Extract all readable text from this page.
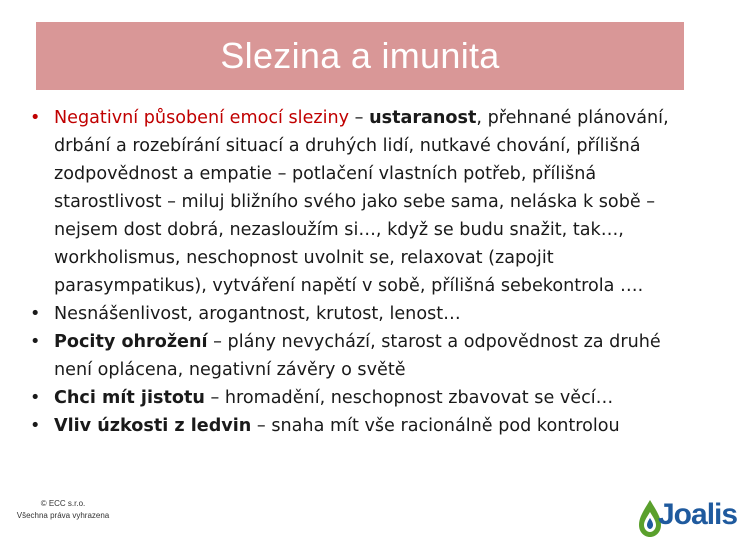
Slezina a imunita
• Negativní působení emocí sleziny – ustaranost, přehnané plánování, drbání a rozebírání situací a druhých lidí, nutkavé chování, přílišná zodpovědnost a empatie – potlačení vlastních potřeb, přílišná starostlivost – miluj bližního svého jako sebe sama, neláska k sobě – nejsem dost dobrá, nezasloužím si…, když se budu snažit, tak…, workholismus, neschopnost uvolnit se, relaxovat (zapojit parasympatikus), vytváření napětí v sobě, přílišná sebekontrola ….
• Nesnášenlivost, arogantnost, krutost, lenost…
• Pocity ohrožení – plány nevychází, starost a odpovědnost za druhé není oplácena, negativní závěry o světě
• Chci mít jistotu – hromadění, neschopnost zbavovat se věcí…
• Vliv úzkosti z ledvin – snaha mít vše racionálně pod kontrolou
© ECC s.r.o.
Všechna práva vyhrazena	Joalis
